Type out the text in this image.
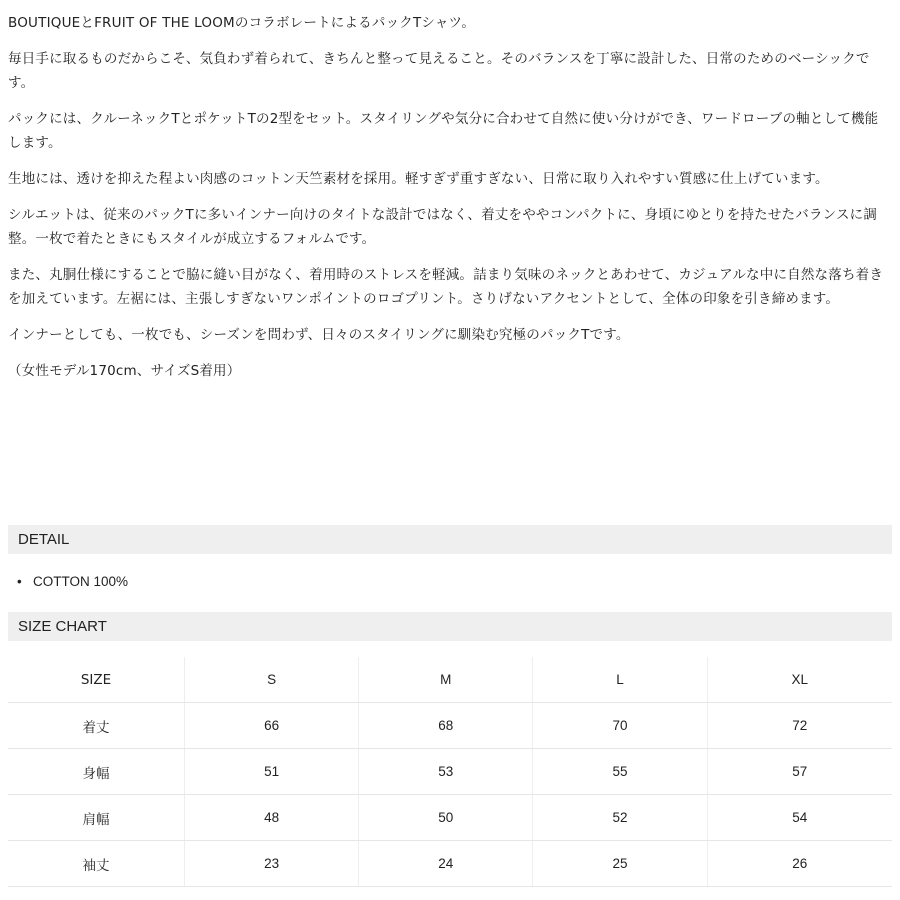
BOUTIQUEとFRUIT OF THE LOOMのコラボレートによるパックTシャツ。

毎日手に取るものだからこそ、気負わず着られて、きちんと整って見えること。そのバランスを丁寧に設計した、日常のためのベーシックです。

パックには、クルーネックTとポケットTの2型をセット。スタイリングや気分に合わせて自然に使い分けができ、ワードローブの軸として機能します。

生地には、透けを抑えた程よい肉感のコットン天竺素材を採用。軽すぎず重すぎない、日常に取り入れやすい質感に仕上げています。

シルエットは、従来のパックTに多いインナー向けのタイトな設計ではなく、着丈をややコンパクトに、身頃にゆとりを持たせたバランスに調整。一枚で着たときにもスタイルが成立するフォルムです。

また、丸胴仕様にすることで脇に縫い目がなく、着用時のストレスを軽減。詰まり気味のネックとあわせて、カジュアルな中に自然な落ち着きを加えています。左裾には、主張しすぎないワンポイントのロゴプリント。さりげないアクセントとして、全体の印象を引き締めます。

インナーとしても、一枚でも、シーズンを問わず、日々のスタイリングに馴染む究極のパックTです。

（女性モデル170cm、サイズS着用）

DETAIL
• COTTON 100%
SIZE CHART
SIZE	S	M	L	XL
着丈	66	68	70	72
身幅	51	53	55	57
肩幅	48	50	52	54
袖丈	23	24	25	26
